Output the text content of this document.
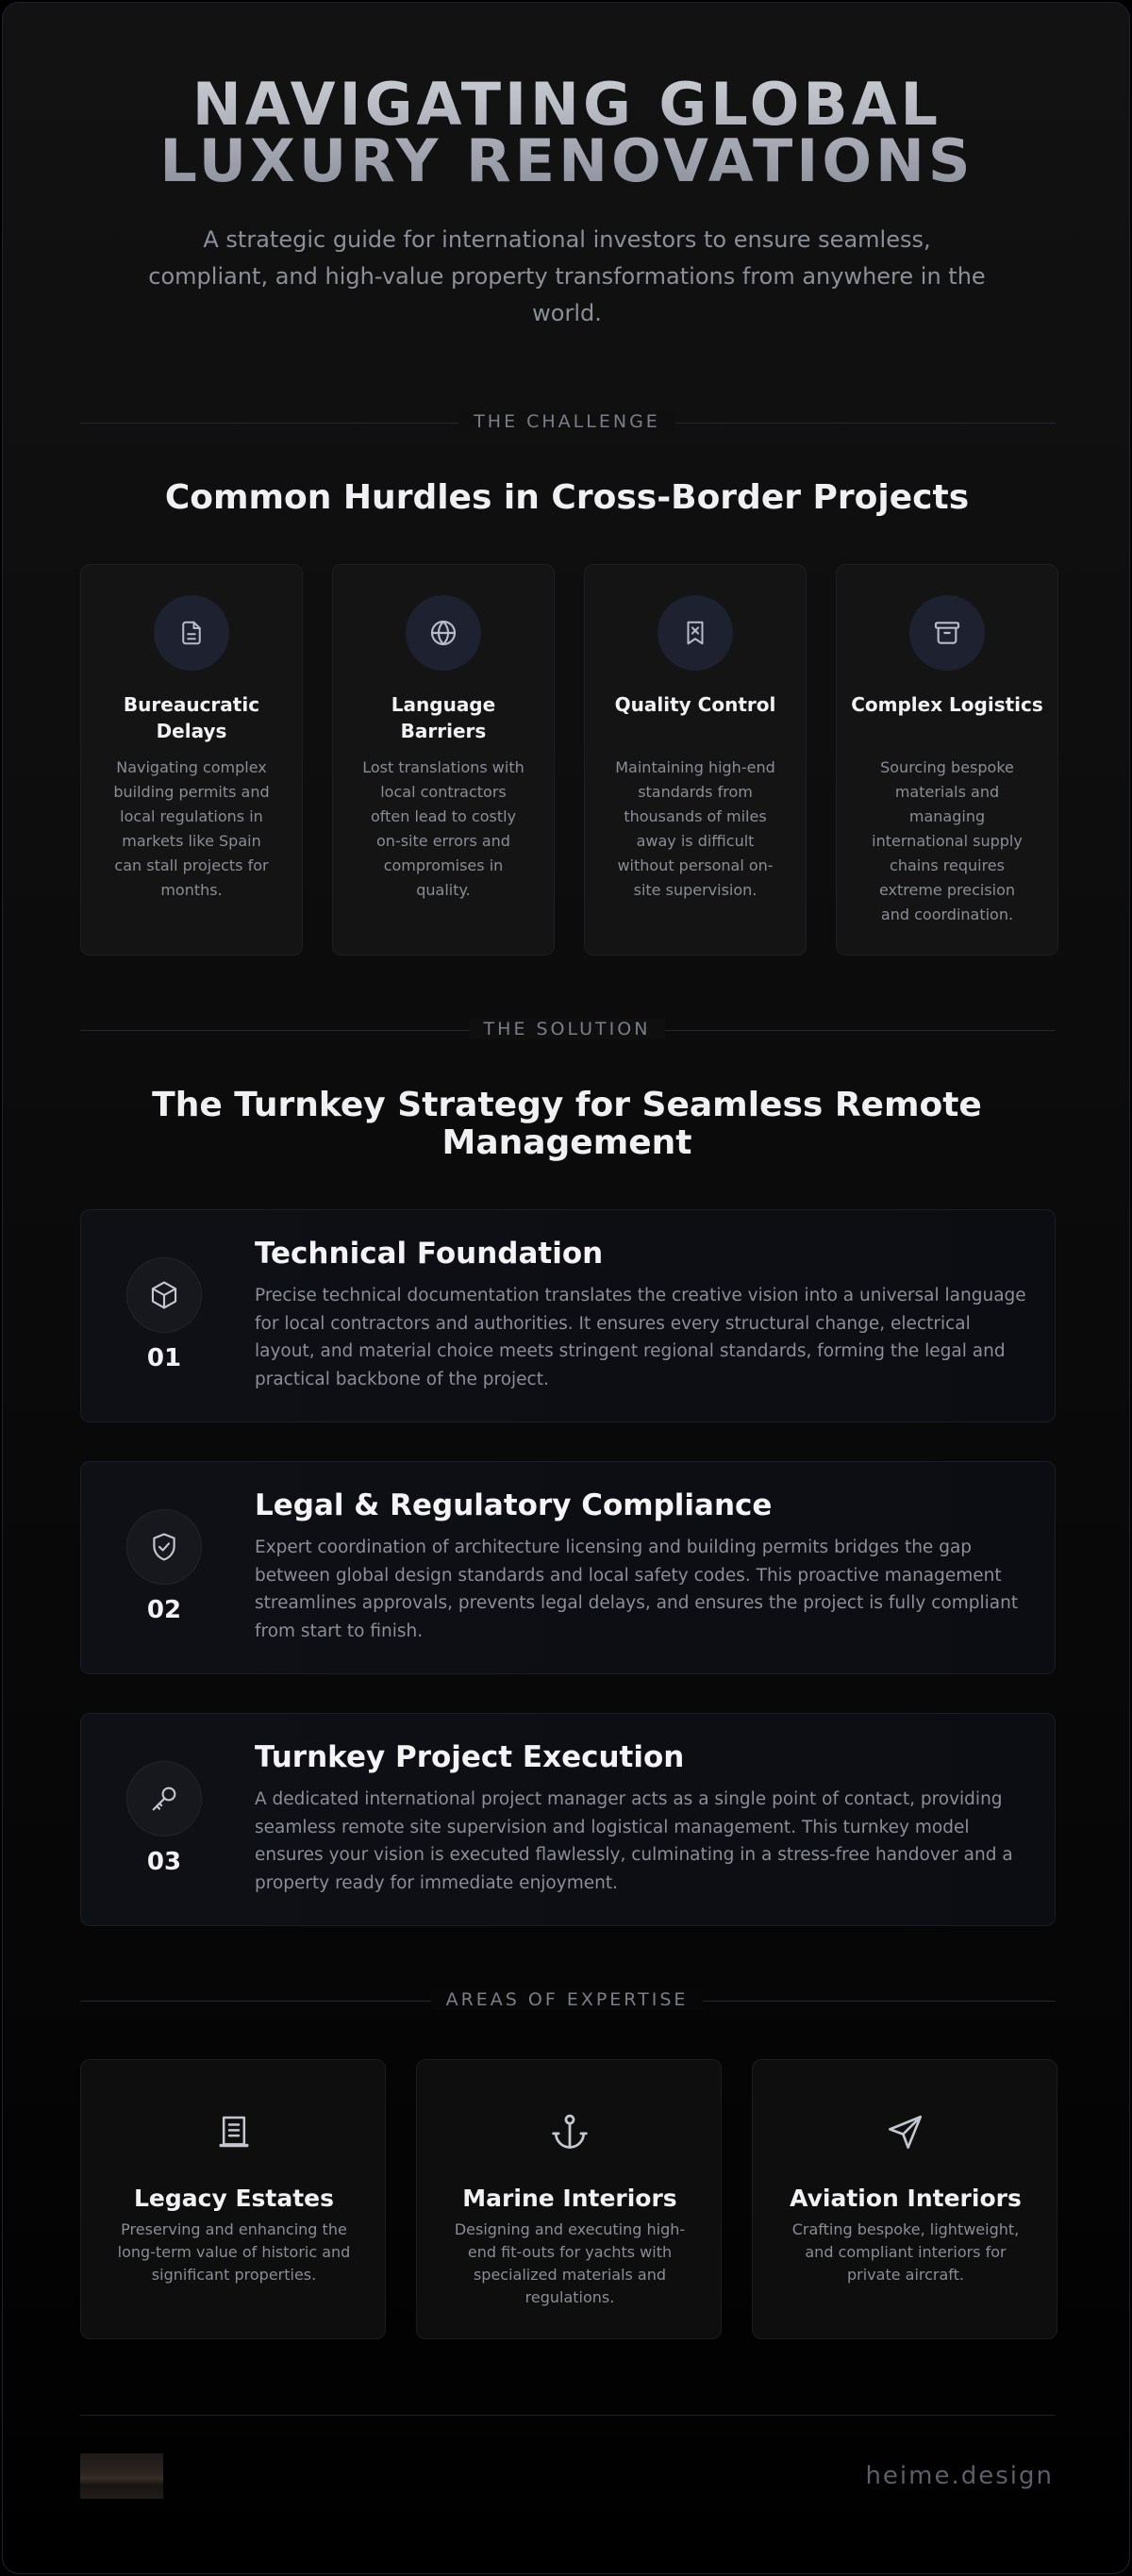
NAVIGATING GLOBAL
LUXURY RENOVATIONS
A strategic guide for international investors to ensure seamless, compliant, and high-value property transformations from anywhere in the world.
THE CHALLENGE
Common Hurdles in Cross-Border Projects
Bureaucratic Delays
Navigating complex building permits and local regulations in markets like Spain can stall projects for months.
Language Barriers
Lost translations with local contractors often lead to costly on-site errors and compromises in quality.
Quality Control
Maintaining high-end standards from thousands of miles away is difficult without personal on-site supervision.
Complex Logistics
Sourcing bespoke materials and managing international supply chains requires extreme precision and coordination.
THE SOLUTION
The Turnkey Strategy for Seamless Remote Management
01
Technical Foundation
Precise technical documentation translates the creative vision into a universal language for local contractors and authorities. It ensures every structural change, electrical layout, and material choice meets stringent regional standards, forming the legal and practical backbone of the project.
02
Legal & Regulatory Compliance
Expert coordination of architecture licensing and building permits bridges the gap between global design standards and local safety codes. This proactive management streamlines approvals, prevents legal delays, and ensures the project is fully compliant from start to finish.
03
Turnkey Project Execution
A dedicated international project manager acts as a single point of contact, providing seamless remote site supervision and logistical management. This turnkey model ensures your vision is executed flawlessly, culminating in a stress-free handover and a property ready for immediate enjoyment.
AREAS OF EXPERTISE
Legacy Estates
Preserving and enhancing the long-term value of historic and significant properties.
Marine Interiors
Designing and executing high-end fit-outs for yachts with specialized materials and regulations.
Aviation Interiors
Crafting bespoke, lightweight, and compliant interiors for private aircraft.
heime.design
